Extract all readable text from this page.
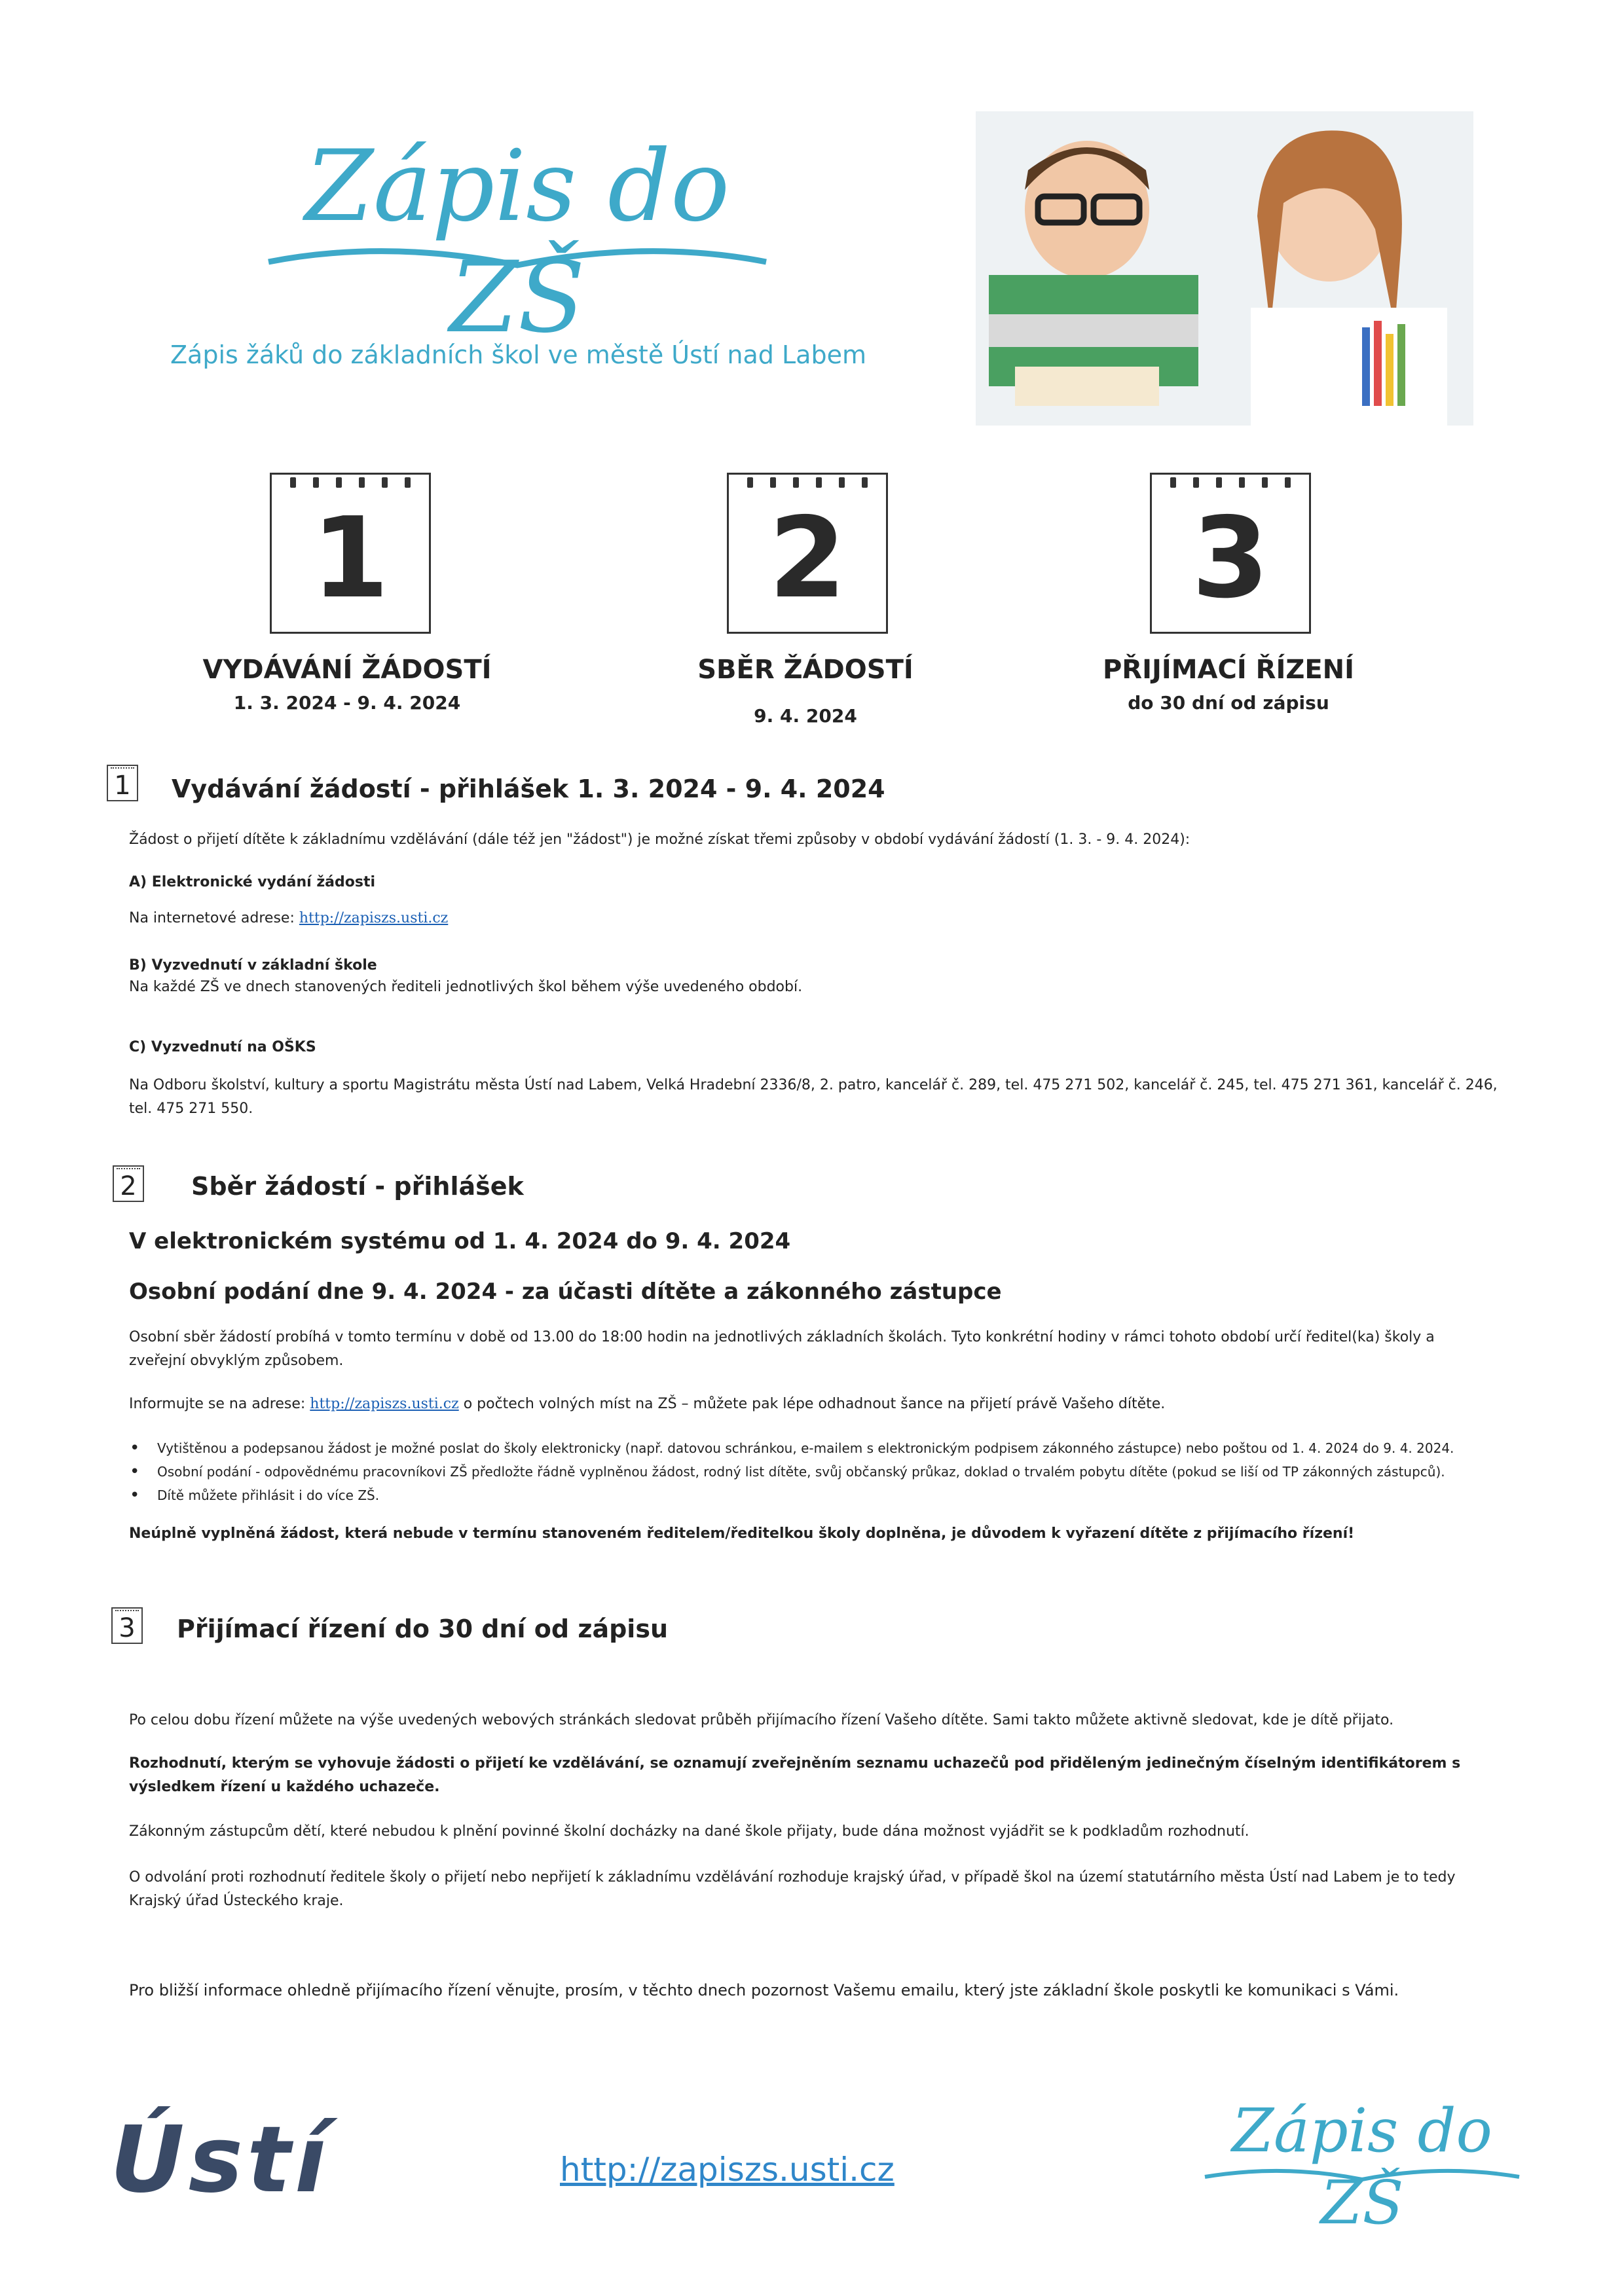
Zápis do ZŠ
Zápis žáků do základních škol ve městě Ústí nad Labem
1
VYDÁVÁNÍ ŽÁDOSTÍ
1. 3. 2024 - 9. 4. 2024
2
SBĚR ŽÁDOSTÍ
9. 4. 2024
3
PŘIJÍMACÍ ŘÍZENÍ
do 30 dní od zápisu
1 Vydávání žádostí - přihlášek 1. 3. 2024 - 9. 4. 2024
Žádost o přijetí dítěte k základnímu vzdělávání (dále též jen "žádost") je možné získat třemi způsoby v období vydávání žádostí (1. 3. - 9. 4. 2024):
A) Elektronické vydání žádosti
Na internetové adrese: http://zapiszs.usti.cz
B) Vyzvednutí v základní škole
Na každé ZŠ ve dnech stanovených řediteli jednotlivých škol během výše uvedeného období.
C) Vyzvednutí na OŠKS
Na Odboru školství, kultury a sportu Magistrátu města Ústí nad Labem, Velká Hradební 2336/8, 2. patro, kancelář č. 289, tel. 475 271 502, kancelář č. 245, tel. 475 271 361, kancelář č. 246, tel. 475 271 550.
2 Sběr žádostí - přihlášek
V elektronickém systému od 1. 4. 2024 do 9. 4. 2024
Osobní podání dne 9. 4. 2024 - za účasti dítěte a zákonného zástupce
Osobní sběr žádostí probíhá v tomto termínu v době od 13.00 do 18:00 hodin na jednotlivých základních školách. Tyto konkrétní hodiny v rámci tohoto období určí ředitel(ka) školy a zveřejní obvyklým způsobem.
Informujte se na adrese: http://zapiszs.usti.cz o počtech volných míst na ZŠ – můžete pak lépe odhadnout šance na přijetí právě Vašeho dítěte.
• Vytištěnou a podepsanou žádost je možné poslat do školy elektronicky (např. datovou schránkou, e-mailem s elektronickým podpisem zákonného zástupce) nebo poštou od 1. 4. 2024 do 9. 4. 2024.
• Osobní podání - odpovědnému pracovníkovi ZŠ předložte řádně vyplněnou žádost, rodný list dítěte, svůj občanský průkaz, doklad o trvalém pobytu dítěte (pokud se liší od TP zákonných zástupců).
• Dítě můžete přihlásit i do více ZŠ.
Neúplně vyplněná žádost, která nebude v termínu stanoveném ředitelem/ředitelkou školy doplněna, je důvodem k vyřazení dítěte z přijímacího řízení!
3 Přijímací řízení do 30 dní od zápisu
Po celou dobu řízení můžete na výše uvedených webových stránkách sledovat průběh přijímacího řízení Vašeho dítěte. Sami takto můžete aktivně sledovat, kde je dítě přijato.
Rozhodnutí, kterým se vyhovuje žádosti o přijetí ke vzdělávání, se oznamují zveřejněním seznamu uchazečů pod přiděleným jedinečným číselným identifikátorem s výsledkem řízení u každého uchazeče.
Zákonným zástupcům dětí, které nebudou k plnění povinné školní docházky na dané škole přijaty, bude dána možnost vyjádřit se k podkladům rozhodnutí.
O odvolání proti rozhodnutí ředitele školy o přijetí nebo nepřijetí k základnímu vzdělávání rozhoduje krajský úřad, v případě škol na území statutárního města Ústí nad Labem je to tedy Krajský úřad Ústeckého kraje.
Pro bližší informace ohledně přijímacího řízení věnujte, prosím, v těchto dnech pozornost Vašemu emailu, který jste základní škole poskytli ke komunikaci s Vámi.
Ústí	http://zapiszs.usti.cz
Zápis do ZŠ
